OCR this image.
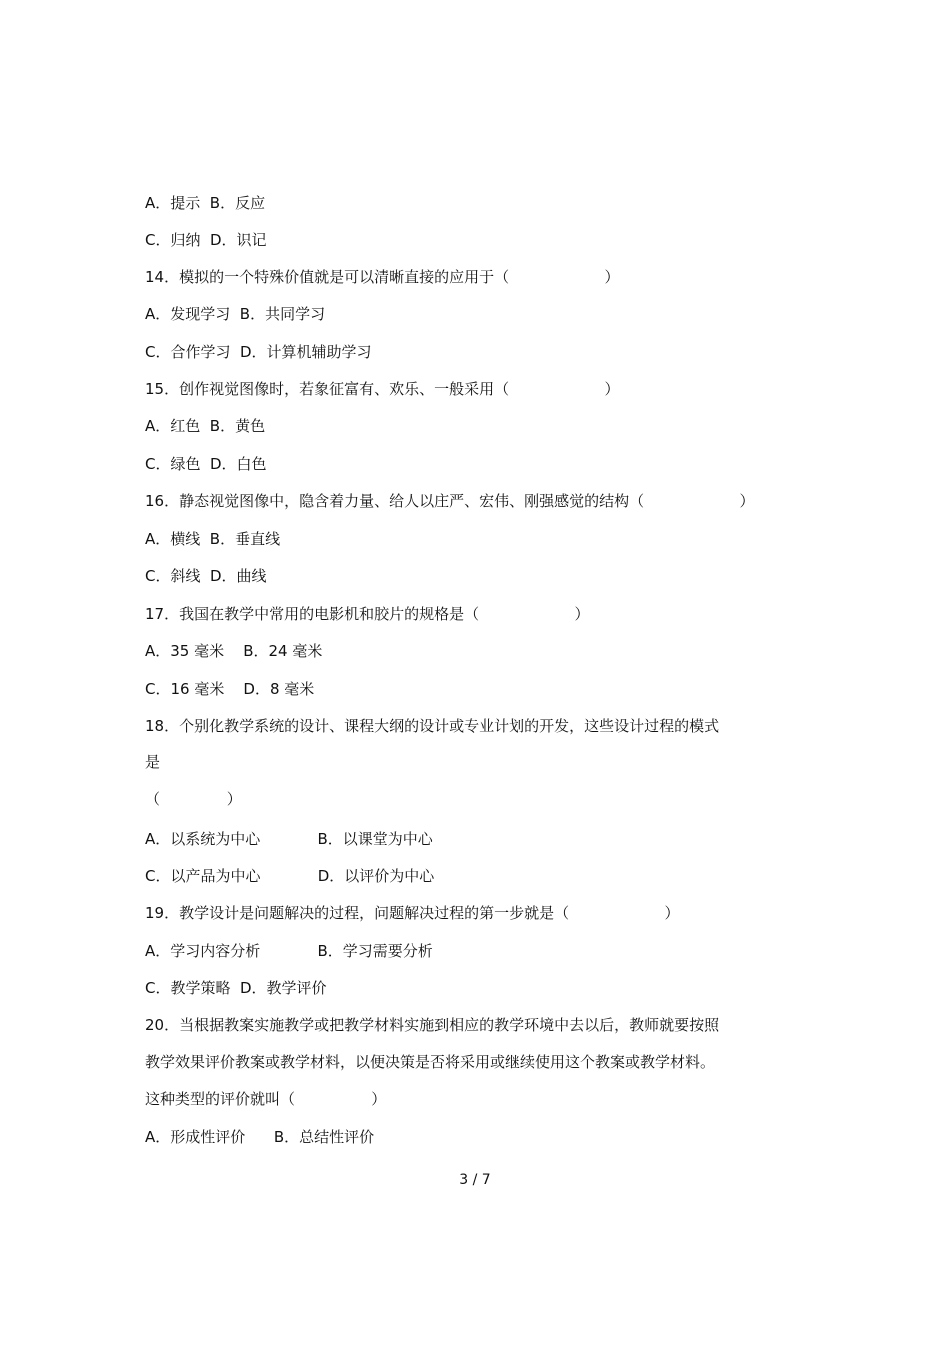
A．提示  B．反应
C．归纳  D．识记
14．模拟的一个特殊价值就是可以清晰直接的应用于（                    ）
A．发现学习  B．共同学习
C．合作学习  D．计算机辅助学习
15．创作视觉图像时，若象征富有、欢乐、一般采用（                    ）
A．红色  B．黄色
C．绿色  D．白色
16．静态视觉图像中，隐含着力量、给人以庄严、宏伟、刚强感觉的结构（                    ）
A．横线  B．垂直线
C．斜线  D．曲线
17．我国在教学中常用的电影机和胶片的规格是（                    ）
A．35 毫米    B．24 毫米
C．16 毫米    D．8 毫米
18．个别化教学系统的设计、课程大纲的设计或专业计划的开发，这些设计过程的模式
是
（              ）
A．以系统为中心            B．以课堂为中心
C．以产品为中心            D．以评价为中心
19．教学设计是问题解决的过程，问题解决过程的第一步就是（                    ）
A．学习内容分析            B．学习需要分析
C．教学策略  D．教学评价
20．当根据教案实施教学或把教学材料实施到相应的教学环境中去以后，教师就要按照
教学效果评价教案或教学材料，以便决策是否将采用或继续使用这个教案或教学材料。
这种类型的评价就叫（                ）
A．形成性评价      B．总结性评价
3 / 7
